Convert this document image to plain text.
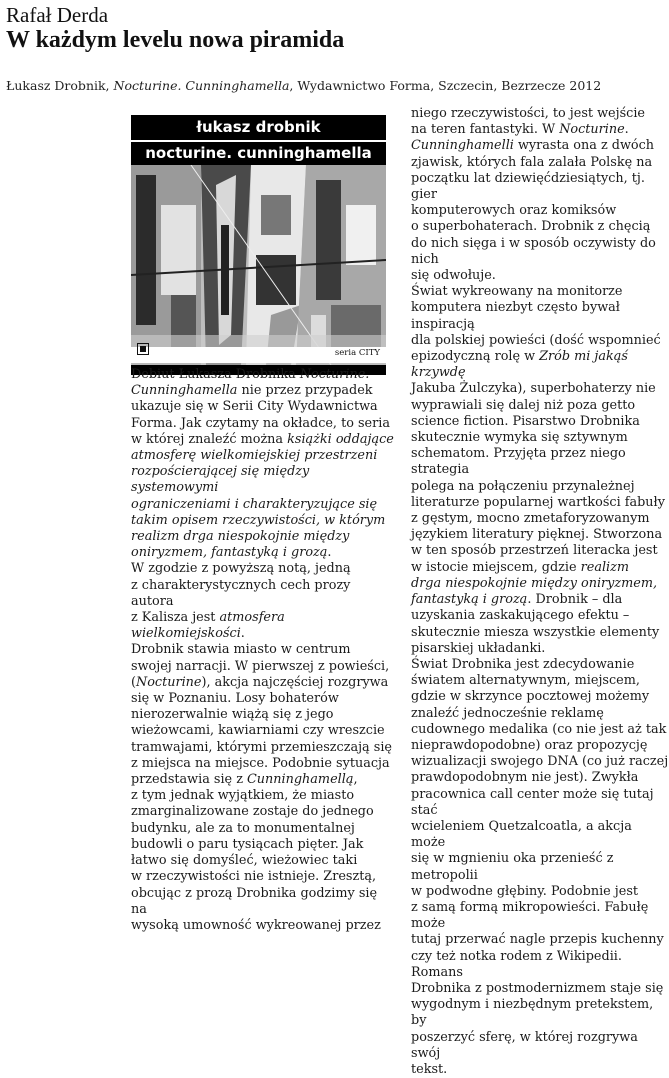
Rafał Derda
W każdym levelu nowa piramida
Łukasz Drobnik, Nocturine. Cunninghamella, Wydawnictwo Forma, Szczecin, Bezrzecze 2012
łukasz drobnik
nocturine. cunninghamella
seria CITY

Debiut Łukasza Drobnika Nocturine.

Cunninghamella nie przez przypadek

ukazuje się w Serii City Wydawnictwa

Forma. Jak czytamy na okładce, to seria

w której znaleźć można książki oddające

atmosferę wielkomiejskiej przestrzeni

rozpościerającej się między systemowymi

ograniczeniami i charakteryzujące się

takim opisem rzeczywistości, w którym

realizm drga niespokojnie między

oniryzmem, fantastyką i grozą.

W zgodzie z powyższą notą, jedną

z charakterystycznych cech prozy autora

z Kalisza jest atmosfera wielkomiejskości.

Drobnik stawia miasto w centrum

swojej narracji. W pierwszej z powieści,

(Nocturine), akcja najczęściej rozgrywa

się w Poznaniu. Losy bohaterów

nierozerwalnie wiążą się z jego

wieżowcami, kawiarniami czy wreszcie

tramwajami, którymi przemieszczają się

z miejsca na miejsce. Podobnie sytuacja

przedstawia się z Cunninghamellą,

z tym jednak wyjątkiem, że miasto

zmarginalizowane zostaje do jednego

budynku, ale za to monumentalnej

budowli o paru tysiącach pięter. Jak

łatwo się domyśleć, wieżowiec taki

w rzeczywistości nie istnieje. Zresztą,

obcując z prozą Drobnika godzimy się na

wysoką umowność wykreowanej przez

niego rzeczywistości, to jest wejście

na teren fantastyki. W Nocturine.

Cunninghamelli wyrasta ona z dwóch

zjawisk, których fala zalała Polskę na

początku lat dziewięćdziesiątych, tj. gier

komputerowych oraz komiksów

o superbohaterach. Drobnik z chęcią

do nich sięga i w sposób oczywisty do nich

się odwołuje.

Świat wykreowany na monitorze

komputera niezbyt często bywał inspiracją

dla polskiej powieści (dość wspomnieć

epizodyczną rolę w Zrób mi jakąś krzywdę

Jakuba Żulczyka), superbohaterzy nie

wyprawiali się dalej niż poza getto

science fiction. Pisarstwo Drobnika

skutecznie wymyka się sztywnym

schematom. Przyjęta przez niego strategia

polega na połączeniu przynależnej

literaturze popularnej wartkości fabuły

z gęstym, mocno zmetaforyzowanym

językiem literatury pięknej. Stworzona

w ten sposób przestrzeń literacka jest

w istocie miejscem, gdzie realizm

drga niespokojnie między oniryzmem,

fantastyką i grozą. Drobnik – dla

uzyskania zaskakującego efektu –

skutecznie miesza wszystkie elementy

pisarskiej układanki.

Świat Drobnika jest zdecydowanie

światem alternatywnym, miejscem,

gdzie w skrzynce pocztowej możemy

znaleźć jednocześnie reklamę

cudownego medalika (co nie jest aż tak

nieprawdopodobne) oraz propozycję

wizualizacji swojego DNA (co już raczej

prawdopodobnym nie jest). Zwykła

pracownica call center może się tutaj stać

wcieleniem Quetzalcoatla, a akcja może

się w mgnieniu oka przenieść z metropolii

w podwodne głębiny. Podobnie jest

z samą formą mikropowieści. Fabułę może

tutaj przerwać nagle przepis kuchenny

czy też notka rodem z Wikipedii. Romans

Drobnika z postmodernizmem staje się

wygodnym i niezbędnym pretekstem, by

poszerzyć sferę, w której rozgrywa swój

tekst.
